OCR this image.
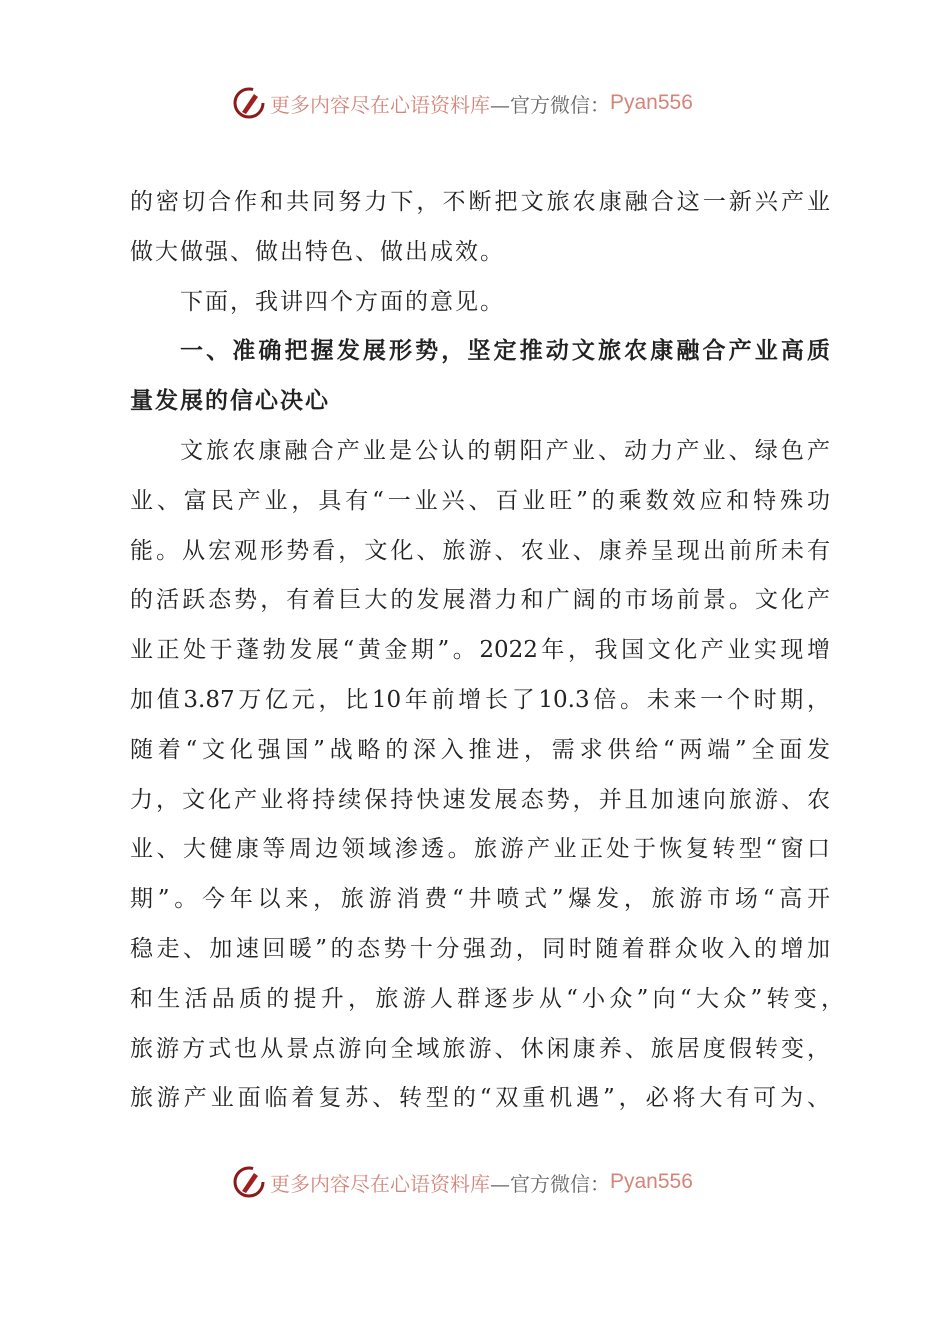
更多内容尽在心语资料库 —官方微信： Pyan556
的密切合作和共同努力下，不断把文旅农康融合这一新兴产业
做大做强、做出特色、做出成效。
下面，我讲四个方面的意见。
一、准确把握发展形势，坚定推动文旅农康融合产业高质
量发展的信心决心
文旅农康融合产业是公认的朝阳产业、动力产业、绿色产
业、富民产业，具有“一业兴、百业旺”的乘数效应和特殊功
能。从宏观形势看，文化、旅游、农业、康养呈现出前所未有
的活跃态势，有着巨大的发展潜力和广阔的市场前景。文化产
业正处于蓬勃发展“黄金期”。2022年，我国文化产业实现增
加值3.87万亿元，比10年前增长了10.3倍。未来一个时期，
随着“文化强国”战略的深入推进，需求供给“两端”全面发
力，文化产业将持续保持快速发展态势，并且加速向旅游、农
业、大健康等周边领域渗透。旅游产业正处于恢复转型“窗口
期”。今年以来，旅游消费“井喷式”爆发，旅游市场“高开
稳走、加速回暖”的态势十分强劲，同时随着群众收入的增加
和生活品质的提升，旅游人群逐步从“小众”向“大众”转变，
旅游方式也从景点游向全域旅游、休闲康养、旅居度假转变，
旅游产业面临着复苏、转型的“双重机遇”，必将大有可为、
更多内容尽在心语资料库 —官方微信： Pyan556
